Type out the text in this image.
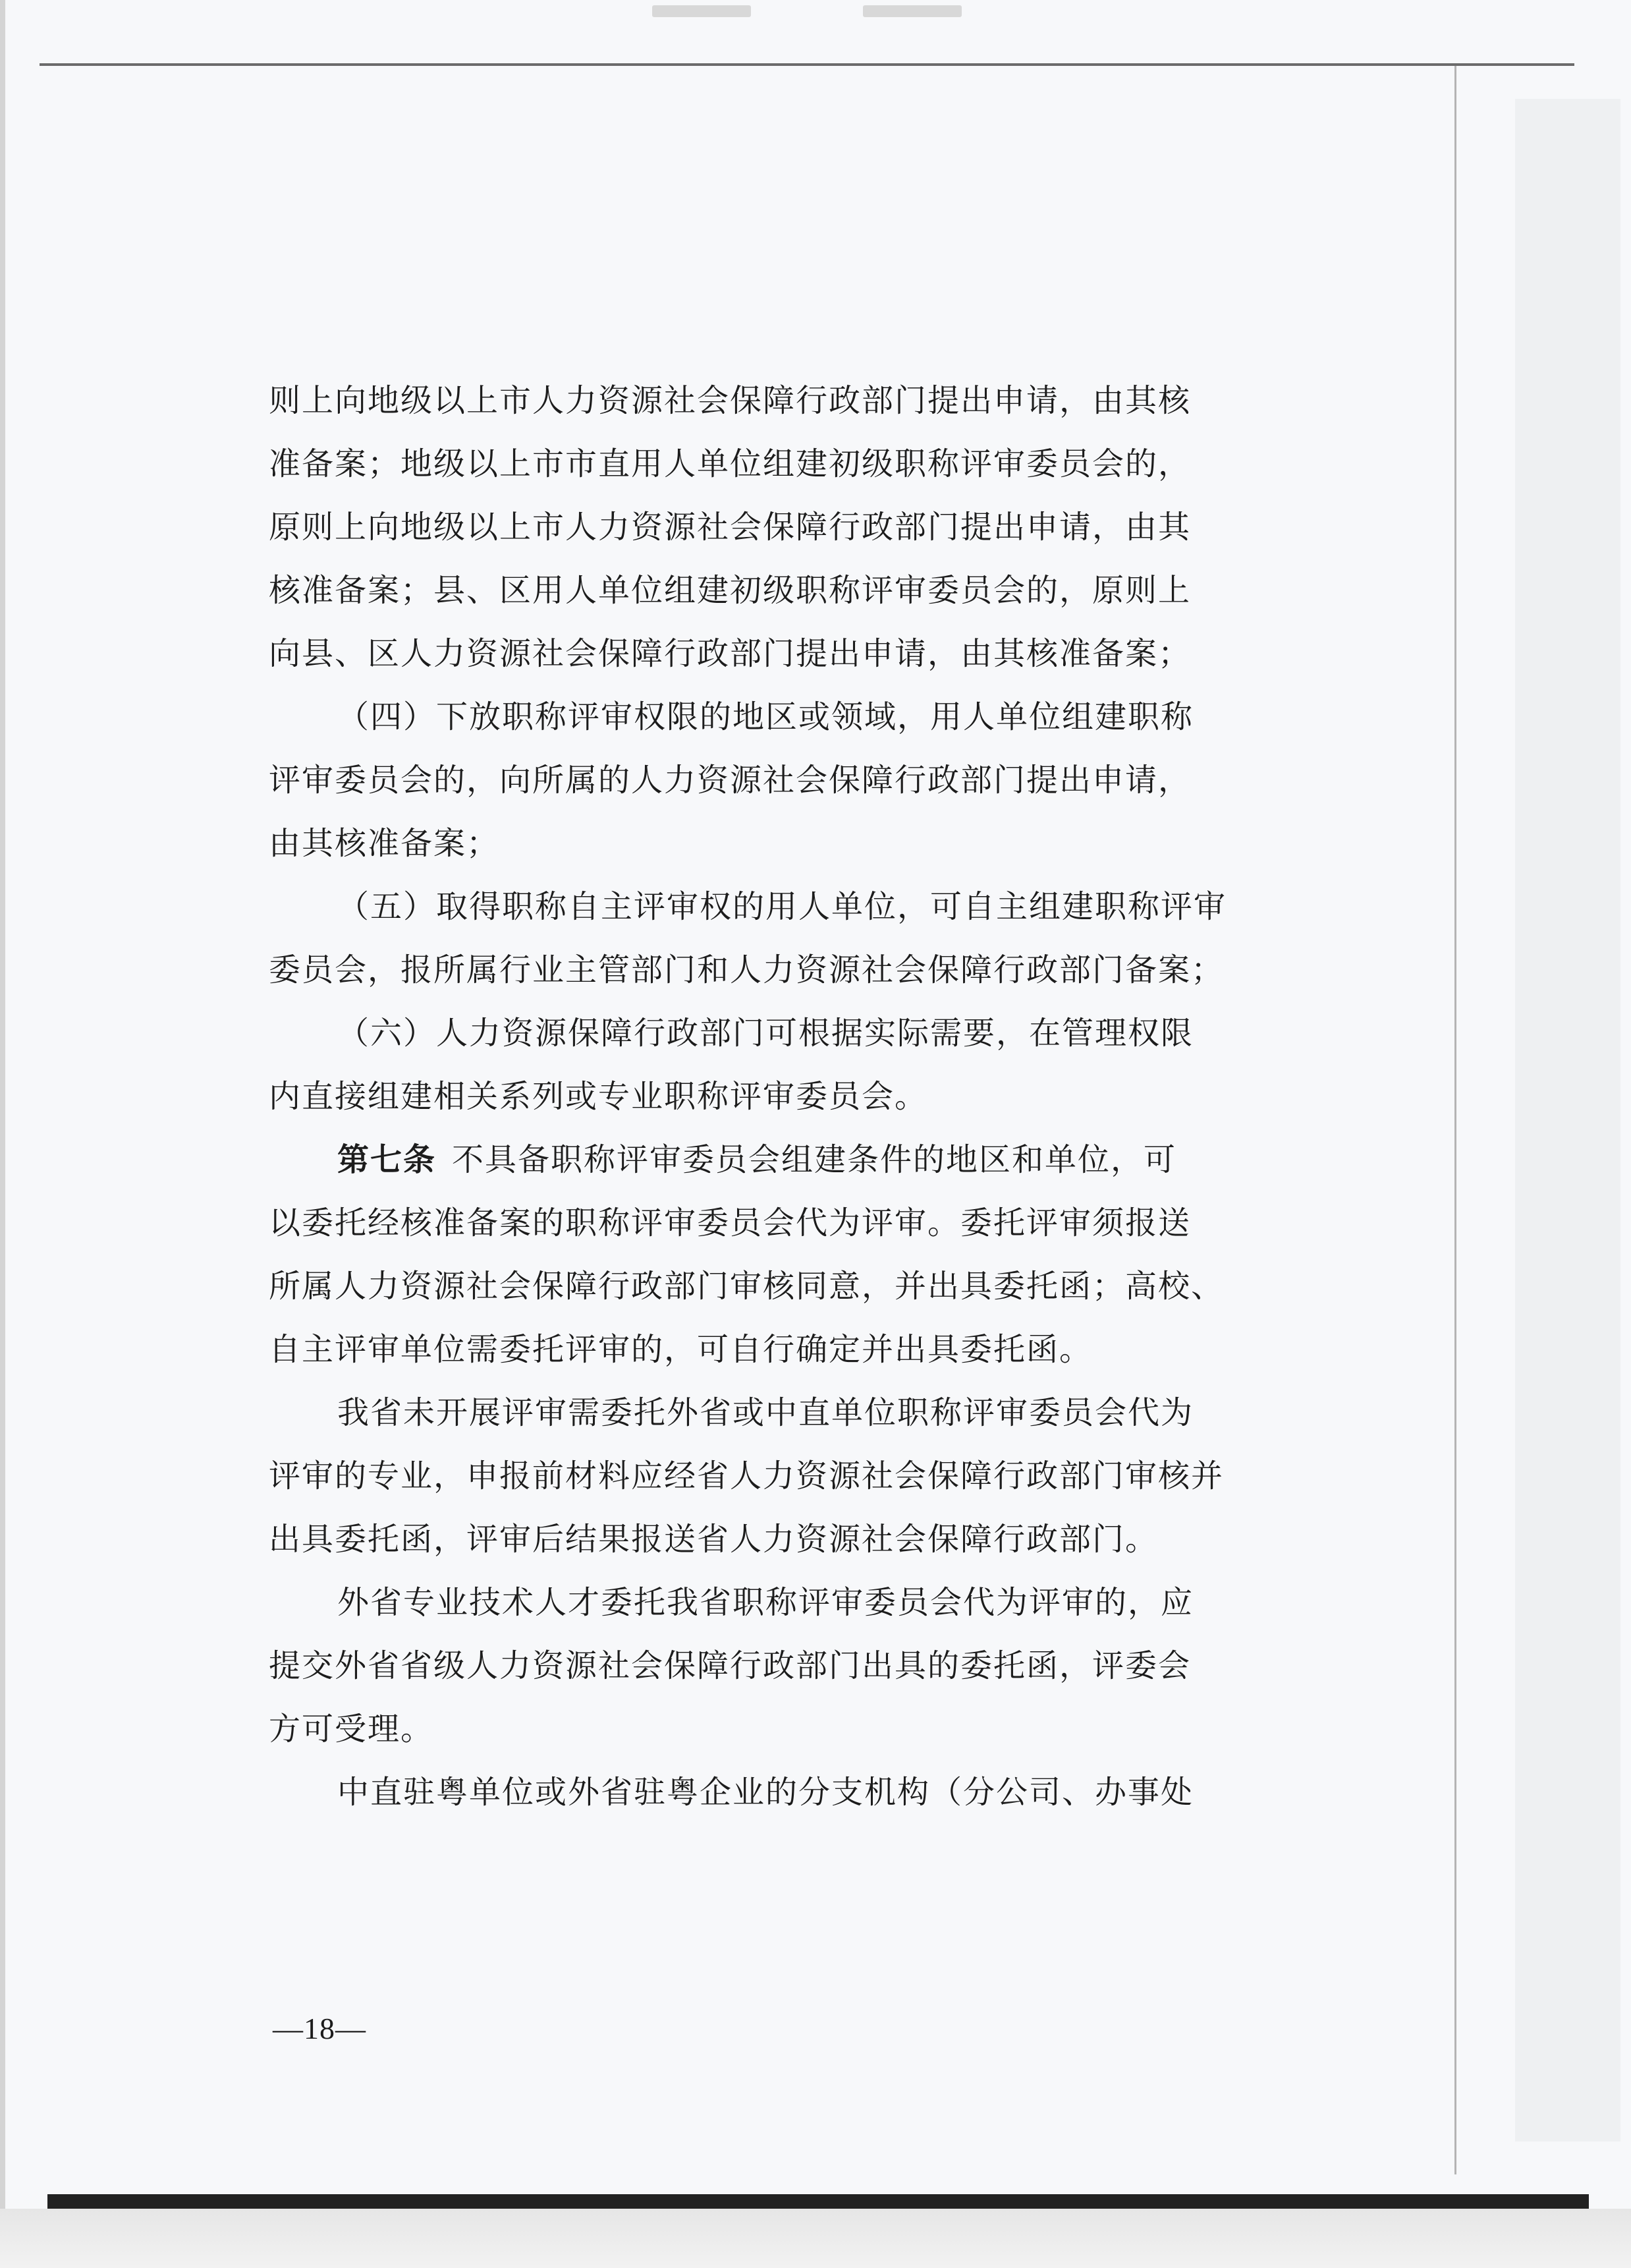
则上向地级以上市人力资源社会保障行政部门提出申请，由其核
准备案；地级以上市市直用人单位组建初级职称评审委员会的，
原则上向地级以上市人力资源社会保障行政部门提出申请，由其
核准备案；县、区用人单位组建初级职称评审委员会的，原则上
向县、区人力资源社会保障行政部门提出申请，由其核准备案；
（四）下放职称评审权限的地区或领域，用人单位组建职称
评审委员会的，向所属的人力资源社会保障行政部门提出申请，
由其核准备案；
（五）取得职称自主评审权的用人单位，可自主组建职称评审
委员会，报所属行业主管部门和人力资源社会保障行政部门备案；
（六）人力资源保障行政部门可根据实际需要，在管理权限
内直接组建相关系列或专业职称评审委员会。
第七条 不具备职称评审委员会组建条件的地区和单位，可
以委托经核准备案的职称评审委员会代为评审。委托评审须报送
所属人力资源社会保障行政部门审核同意，并出具委托函；高校、
自主评审单位需委托评审的，可自行确定并出具委托函。
我省未开展评审需委托外省或中直单位职称评审委员会代为
评审的专业，申报前材料应经省人力资源社会保障行政部门审核并
出具委托函，评审后结果报送省人力资源社会保障行政部门。
外省专业技术人才委托我省职称评审委员会代为评审的，应
提交外省省级人力资源社会保障行政部门出具的委托函，评委会
方可受理。
中直驻粤单位或外省驻粤企业的分支机构（分公司、办事处
—18—
